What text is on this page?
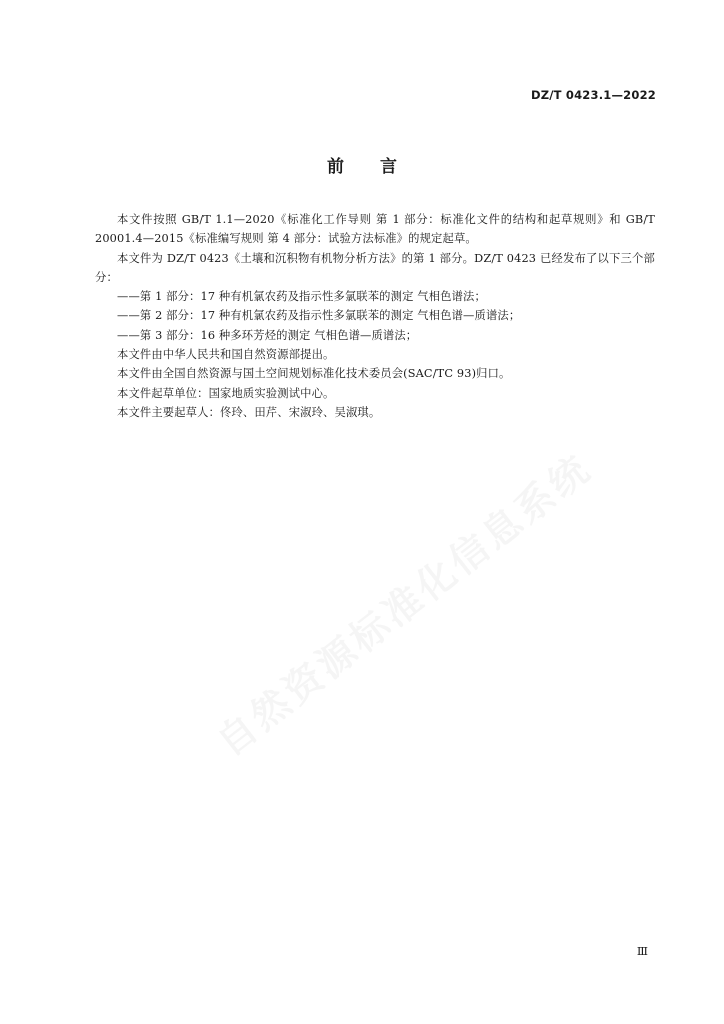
DZ/T 0423.1—2022
前 言
自然资源标准化信息系统

本文件按照 GB/T 1.1—2020《标准化工作导则 第 1 部分：标准化文件的结构和起草规则》和 GB/T 20001.4—2015《标准编写规则 第 4 部分：试验方法标准》的规定起草。

本文件为 DZ/T 0423《土壤和沉积物有机物分析方法》的第 1 部分。DZ/T 0423 已经发布了以下三个部分：

——第 1 部分：17 种有机氯农药及指示性多氯联苯的测定 气相色谱法；

——第 2 部分：17 种有机氯农药及指示性多氯联苯的测定 气相色谱—质谱法；

——第 3 部分：16 种多环芳烃的测定 气相色谱—质谱法；

本文件由中华人民共和国自然资源部提出。

本文件由全国自然资源与国土空间规划标准化技术委员会(SAC/TC 93)归口。

本文件起草单位：国家地质实验测试中心。

本文件主要起草人：佟玲、田芹、宋淑玲、吴淑琪。

Ⅲ
